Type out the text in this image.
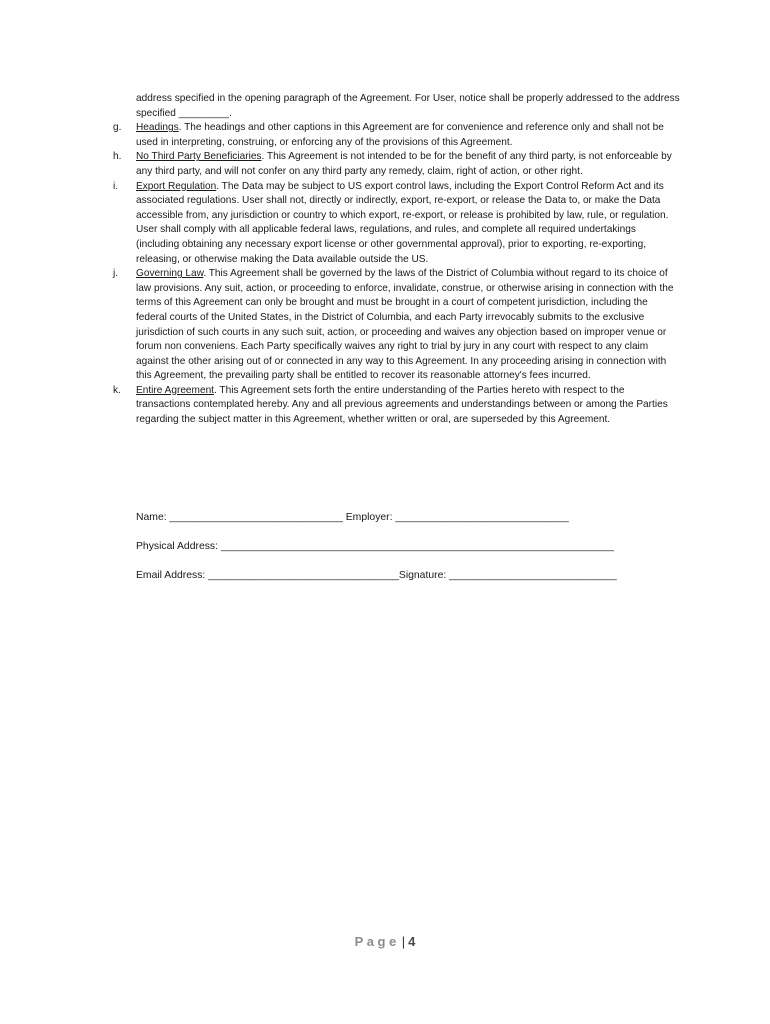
address specified in the opening paragraph of the Agreement. For User, notice shall be properly addressed to the address specified _________.
g.	Headings. The headings and other captions in this Agreement are for convenience and reference only and shall not be used in interpreting, construing, or enforcing any of the provisions of this Agreement.
h.	No Third Party Beneficiaries. This Agreement is not intended to be for the benefit of any third party, is not enforceable by any third party, and will not confer on any third party any remedy, claim, right of action, or other right.
i.	Export Regulation. The Data may be subject to US export control laws, including the Export Control Reform Act and its associated regulations. User shall not, directly or indirectly, export, re-export, or release the Data to, or make the Data accessible from, any jurisdiction or country to which export, re-export, or release is prohibited by law, rule, or regulation. User shall comply with all applicable federal laws, regulations, and rules, and complete all required undertakings (including obtaining any necessary export license or other governmental approval), prior to exporting, re-exporting, releasing, or otherwise making the Data available outside the US.
j.	Governing Law. This Agreement shall be governed by the laws of the District of Columbia without regard to its choice of law provisions. Any suit, action, or proceeding to enforce, invalidate, construe, or otherwise arising in connection with the terms of this Agreement can only be brought and must be brought in a court of competent jurisdiction, including the federal courts of the United States, in the District of Columbia, and each Party irrevocably submits to the exclusive jurisdiction of such courts in any such suit, action, or proceeding and waives any objection based on improper venue or forum non conveniens. Each Party specifically waives any right to trial by jury in any court with respect to any claim against the other arising out of or connected in any way to this Agreement. In any proceeding arising in connection with this Agreement, the prevailing party shall be entitled to recover its reasonable attorney's fees incurred.
k.	Entire Agreement. This Agreement sets forth the entire understanding of the Parties hereto with respect to the transactions contemplated hereby. Any and all previous agreements and understandings between or among the Parties regarding the subject matter in this Agreement, whether written or oral, are superseded by this Agreement.
Name: ______________________________ Employer: ______________________________
Physical Address: ____________________________________________________________________
Email Address: _________________________________Signature: _____________________________
Page | 4
